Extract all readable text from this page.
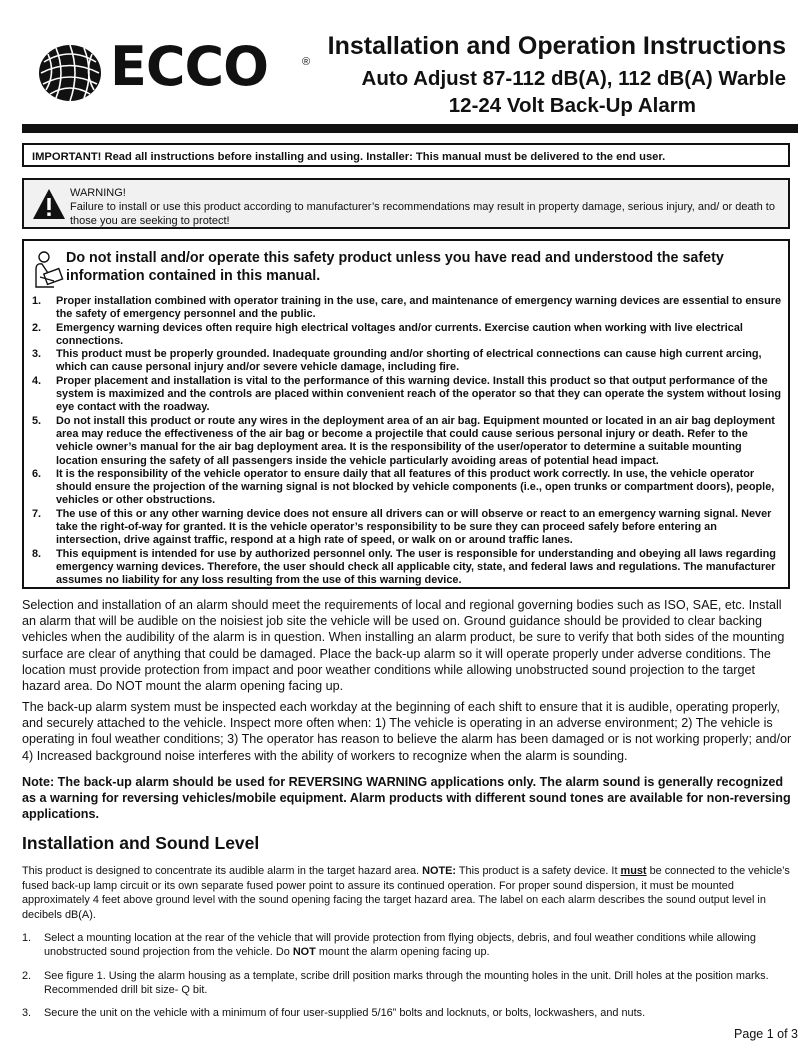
ECCO	®
Installation and Operation Instructions
Auto Adjust 87-112 dB(A), 112 dB(A) Warble
12-24 Volt Back-Up Alarm
IMPORTANT! Read all instructions before installing and using. Installer: This manual must be delivered to the end user.
WARNING!
Failure to install or use this product according to manufacturer’s recommendations may result in property damage, serious injury, and/ or death to those you are seeking to protect!
Do not install and/or operate this safety product unless you have read and understood the safety information contained in this manual.
1. Proper installation combined with operator training in the use, care, and maintenance of emergency warning devices are essential to ensure the safety of emergency personnel and the public.
2. Emergency warning devices often require high electrical voltages and/or currents. Exercise caution when working with live electrical connections.
3. This product must be properly grounded. Inadequate grounding and/or shorting of electrical connections can cause high current arcing, which can cause personal injury and/or severe vehicle damage, including fire.
4. Proper placement and installation is vital to the performance of this warning device. Install this product so that output performance of the system is maximized and the controls are placed within convenient reach of the operator so that they can operate the system without losing eye contact with the roadway.
5. Do not install this product or route any wires in the deployment area of an air bag. Equipment mounted or located in an air bag deployment area may reduce the effectiveness of the air bag or become a projectile that could cause serious personal injury or death. Refer to the vehicle owner’s manual for the air bag deployment area. It is the responsibility of the user/operator to determine a suitable mounting location ensuring the safety of all passengers inside the vehicle particularly avoiding areas of potential head impact.
6. It is the responsibility of the vehicle operator to ensure daily that all features of this product work correctly. In use, the vehicle operator should ensure the projection of the warning signal is not blocked by vehicle components (i.e., open trunks or compartment doors), people, vehicles or other obstructions.
7. The use of this or any other warning device does not ensure all drivers can or will observe or react to an emergency warning signal. Never take the right-of-way for granted. It is the vehicle operator’s responsibility to be sure they can proceed safely before entering an intersection, drive against traffic, respond at a high rate of speed, or walk on or around traffic lanes.
8. This equipment is intended for use by authorized personnel only. The user is responsible for understanding and obeying all laws regarding emergency warning devices. Therefore, the user should check all applicable city, state, and federal laws and regulations. The manufacturer assumes no liability for any loss resulting from the use of this warning device.
Selection and installation of an alarm should meet the requirements of local and regional governing bodies such as ISO, SAE, etc. Install an alarm that will be audible on the noisiest job site the vehicle will be used on. Ground guidance should be provided to clear backing vehicles when the audibility of the alarm is in question. When installing an alarm product, be sure to verify that both sides of the mounting surface are clear of anything that could be damaged. Place the back-up alarm so it will operate properly under adverse conditions. The location must provide protection from impact and poor weather conditions while allowing unobstructed sound projection to the target hazard area. Do NOT mount the alarm opening facing up.
The back-up alarm system must be inspected each workday at the beginning of each shift to ensure that it is audible, operating properly, and securely attached to the vehicle. Inspect more often when: 1) The vehicle is operating in an adverse environment; 2) The vehicle is operating in foul weather conditions; 3) The operator has reason to believe the alarm has been damaged or is not working properly; and/or 4) Increased background noise interferes with the ability of workers to recognize when the alarm is sounding.
Note: The back-up alarm should be used for REVERSING WARNING applications only. The alarm sound is generally recognized as a warning for reversing vehicles/mobile equipment. Alarm products with different sound tones are available for non-reversing applications.
Installation and Sound Level
This product is designed to concentrate its audible alarm in the target hazard area. NOTE: This product is a safety device. It must be connected to the vehicle’s fused back-up lamp circuit or its own separate fused power point to assure its continued operation. For proper sound dispersion, it must be mounted approximately 4 feet above ground level with the sound opening facing the target hazard area. The label on each alarm describes the sound output level in decibels dB(A).
1. Select a mounting location at the rear of the vehicle that will provide protection from flying objects, debris, and foul weather conditions while allowing unobstructed sound projection from the vehicle. Do NOT mount the alarm opening facing up.
2. See figure 1. Using the alarm housing as a template, scribe drill position marks through the mounting holes in the unit. Drill holes at the position marks. Recommended drill bit size- Q bit.
3. Secure the unit on the vehicle with a minimum of four user-supplied 5/16” bolts and locknuts, or bolts, lockwashers, and nuts.
Page 1 of 3
